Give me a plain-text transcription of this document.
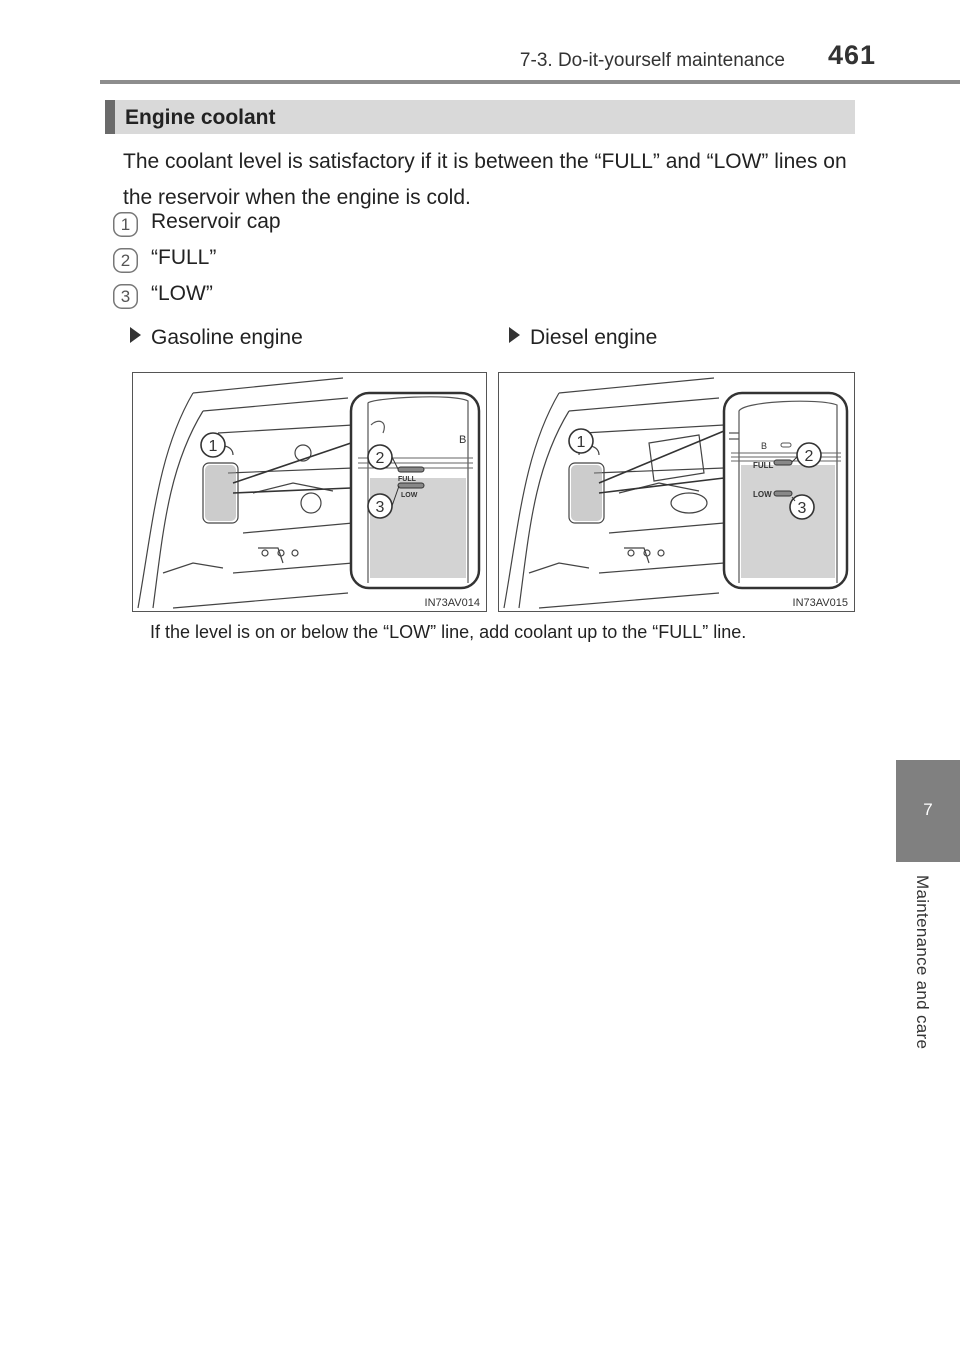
7-3. Do-it-yourself maintenance 461
7
Maintenance and care
Engine coolant
The coolant level is satisfactory if it is between the “FULL” and “LOW” lines on the reservoir when the engine is cold.
1 Reservoir cap
2 “FULL”
3 “LOW”
Gasoline engine	Diesel engine
B
FULL
LOW
1
2
3
IN73AV014
B
FULL
LOW
1
2
3
IN73AV015
If the level is on or below the “LOW” line, add coolant up to the “FULL” line.
